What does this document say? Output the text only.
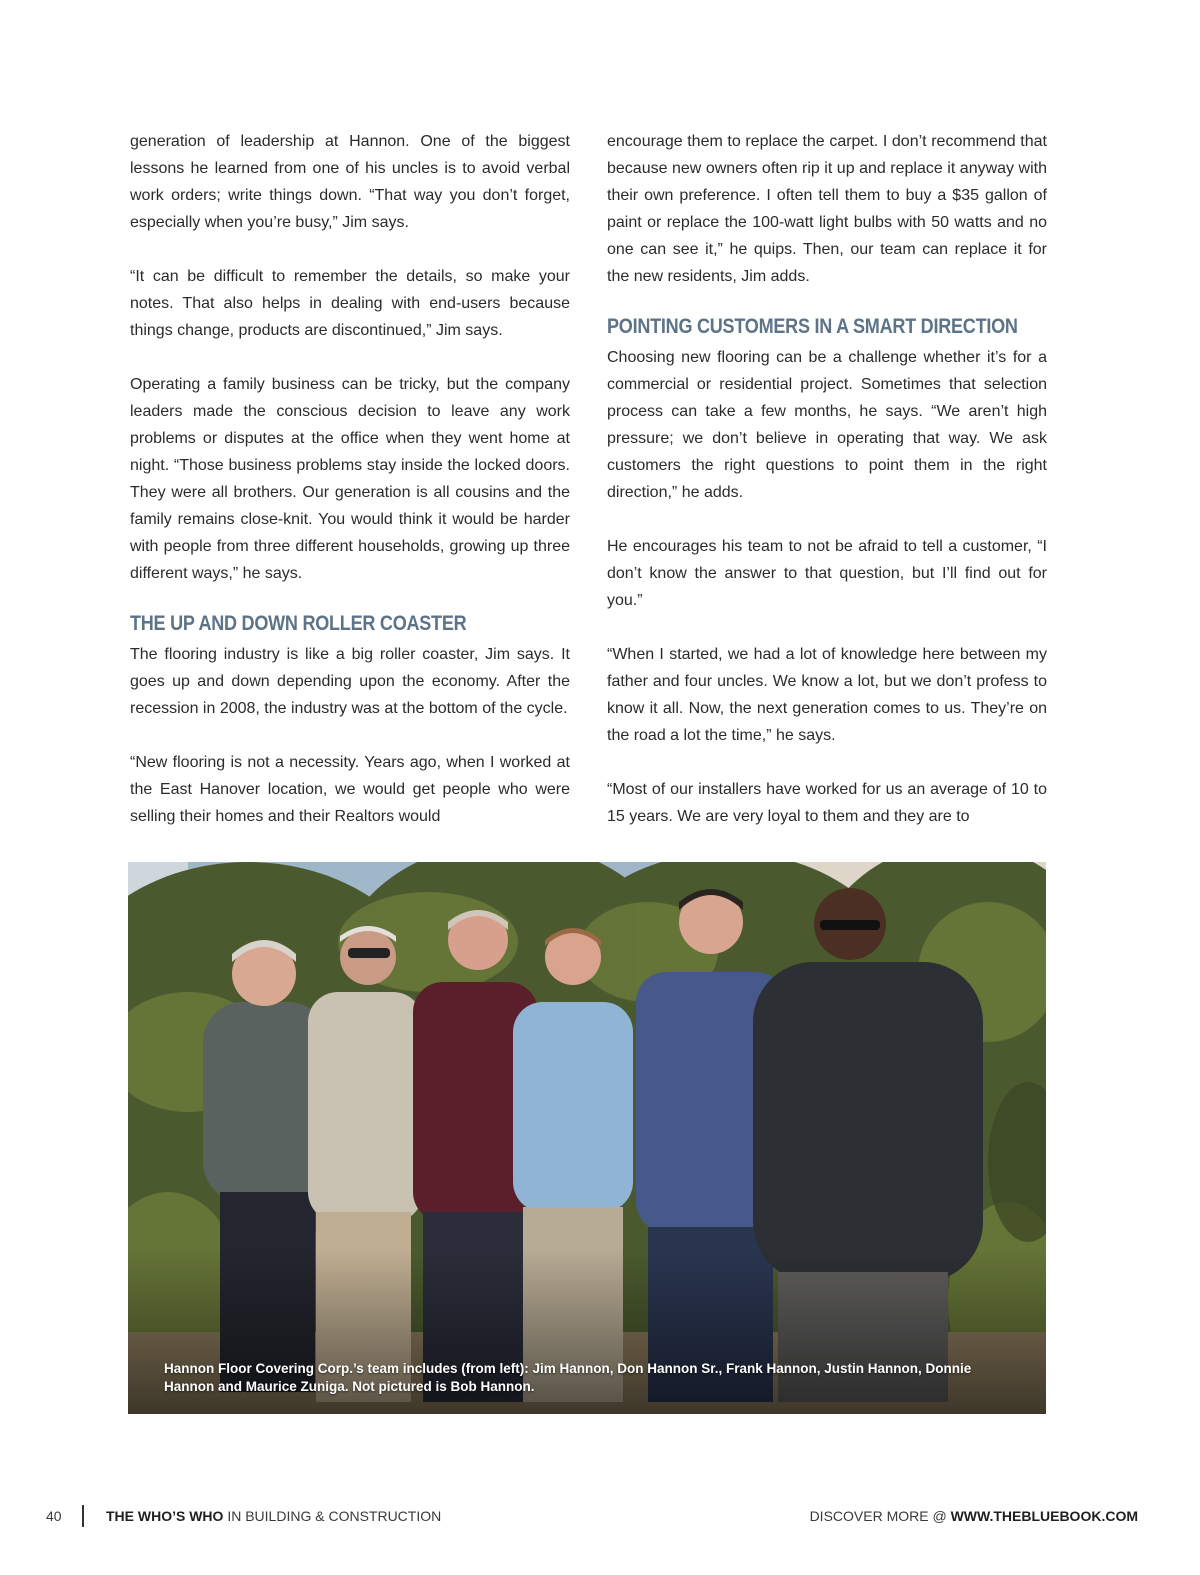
generation of leadership at Hannon. One of the biggest lessons he learned from one of his uncles is to avoid verbal work orders; write things down. “That way you don’t forget, especially when you’re busy,” Jim says.

“It can be difficult to remember the details, so make your notes. That also helps in dealing with end-users because things change, products are discontinued,” Jim says.

Operating a family business can be tricky, but the company leaders made the conscious decision to leave any work problems or disputes at the office when they went home at night. “Those business problems stay inside the locked doors. They were all brothers. Our generation is all cousins and the family remains close-knit. You would think it would be harder with people from three different households, growing up three different ways,” he says.

THE UP AND DOWN ROLLER COASTER

The flooring industry is like a big roller coaster, Jim says. It goes up and down depending upon the economy. After the recession in 2008, the industry was at the bottom of the cycle.

“New flooring is not a necessity. Years ago, when I worked at the East Hanover location, we would get people who were selling their homes and their Realtors would

encourage them to replace the carpet. I don’t recommend that because new owners often rip it up and replace it anyway with their own preference. I often tell them to buy a $35 gallon of paint or replace the 100-watt light bulbs with 50 watts and no one can see it,” he quips. Then, our team can replace it for the new residents, Jim adds.

POINTING CUSTOMERS IN A SMART DIRECTION

Choosing new flooring can be a challenge whether it’s for a commercial or residential project. Sometimes that selection process can take a few months, he says. “We aren’t high pressure; we don’t believe in operating that way. We ask customers the right questions to point them in the right direction,” he adds.

He encourages his team to not be afraid to tell a customer, “I don’t know the answer to that question, but I’ll find out for you.”

“When I started, we had a lot of knowledge here between my father and four uncles. We know a lot, but we don’t profess to know it all. Now, the next generation comes to us. They’re on the road a lot the time,” he says.

“Most of our installers have worked for us an average of 10 to 15 years. We are very loyal to them and they are to

Hannon Floor Covering Corp.’s team includes (from left): Jim Hannon, Don Hannon Sr., Frank Hannon, Justin Hannon, Donnie Hannon and Maurice Zuniga. Not pictured is Bob Hannon.
40	THE WHO’S WHO IN BUILDING & CONSTRUCTION	DISCOVER MORE @ WWW.THEBLUEBOOK.COM
